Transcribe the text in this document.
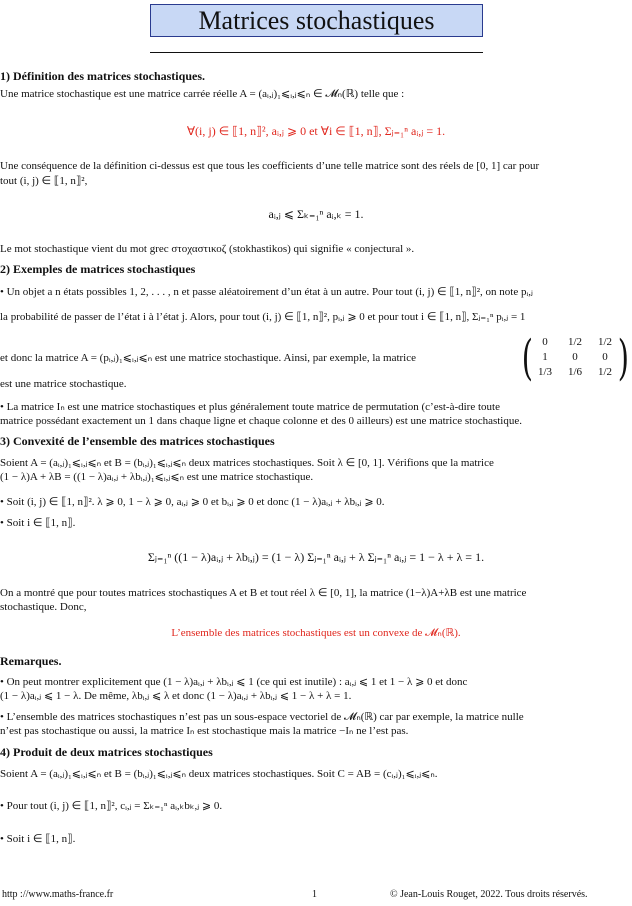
Matrices stochastiques
1) Définition des matrices stochastiques.
Une matrice stochastique est une matrice carrée réelle A = (aᵢ,ⱼ)₁⩽ᵢ,ⱼ⩽ₙ ∈ 𝓜ₙ(ℝ) telle que :
∀(i, j) ∈ ⟦1, n⟧², aᵢ,ⱼ ⩾ 0 et ∀i ∈ ⟦1, n⟧, Σⱼ₌₁ⁿ aᵢ,ⱼ = 1.
Une conséquence de la définition ci-dessus est que tous les coefficients d’une telle matrice sont des réels de [0, 1] car pour
tout (i, j) ∈ ⟦1, n⟧²,
aᵢ,ⱼ ⩽ Σₖ₌₁ⁿ aᵢ,ₖ = 1.
Le mot stochastique vient du mot grec στοχαστικοζ (stokhastikos) qui signifie « conjectural ».
2) Exemples de matrices stochastiques
• Un objet a n états possibles 1, 2, . . . , n et passe aléatoirement d’un état à un autre. Pour tout (i, j) ∈ ⟦1, n⟧², on note pᵢ,ⱼ
la probabilité de passer de l’état i à l’état j. Alors, pour tout (i, j) ∈ ⟦1, n⟧², pᵢ,ⱼ ⩾ 0 et pour tout i ∈ ⟦1, n⟧, Σⱼ₌₁ⁿ pᵢ,ⱼ = 1
et donc la matrice A = (pᵢ,ⱼ)₁⩽ᵢ,ⱼ⩽ₙ est une matrice stochastique. Ainsi, par exemple, la matrice
est une matrice stochastique.	( )
0	1/2	1/2
1	0	0
1/3	1/6	1/2
• La matrice Iₙ est une matrice stochastiques et plus généralement toute matrice de permutation (c’est-à-dire toute
matrice possédant exactement un 1 dans chaque ligne et chaque colonne et des 0 ailleurs) est une matrice stochastique.
3) Convexité de l’ensemble des matrices stochastiques
Soient A = (aᵢ,ⱼ)₁⩽ᵢ,ⱼ⩽ₙ et B = (bᵢ,ⱼ)₁⩽ᵢ,ⱼ⩽ₙ deux matrices stochastiques. Soit λ ∈ [0, 1]. Vérifions que la matrice
(1 − λ)A + λB = ((1 − λ)aᵢ,ⱼ + λbᵢ,ⱼ)₁⩽ᵢ,ⱼ⩽ₙ est une matrice stochastique.
• Soit (i, j) ∈ ⟦1, n⟧². λ ⩾ 0, 1 − λ ⩾ 0, aᵢ,ⱼ ⩾ 0 et bᵢ,ⱼ ⩾ 0 et donc (1 − λ)aᵢ,ⱼ + λbᵢ,ⱼ ⩾ 0.
• Soit i ∈ ⟦1, n⟧.
Σⱼ₌₁ⁿ ((1 − λ)aᵢ,ⱼ + λbᵢ,ⱼ) = (1 − λ) Σⱼ₌₁ⁿ aᵢ,ⱼ + λ Σⱼ₌₁ⁿ aᵢ,ⱼ = 1 − λ + λ = 1.
On a montré que pour toutes matrices stochastiques A et B et tout réel λ ∈ [0, 1], la matrice (1−λ)A+λB est une matrice
stochastique. Donc,
L’ensemble des matrices stochastiques est un convexe de 𝓜ₙ(ℝ).
Remarques.
• On peut montrer explicitement que (1 − λ)aᵢ,ⱼ + λbᵢ,ⱼ ⩽ 1 (ce qui est inutile) : aᵢ,ⱼ ⩽ 1 et 1 − λ ⩾ 0 et donc
(1 − λ)aᵢ,ⱼ ⩽ 1 − λ. De même, λbᵢ,ⱼ ⩽ λ et donc (1 − λ)aᵢ,ⱼ + λbᵢ,ⱼ ⩽ 1 − λ + λ = 1.
• L’ensemble des matrices stochastiques n’est pas un sous-espace vectoriel de 𝓜ₙ(ℝ) car par exemple, la matrice nulle
n’est pas stochastique ou aussi, la matrice Iₙ est stochastique mais la matrice −Iₙ ne l’est pas.
4) Produit de deux matrices stochastiques
Soient A = (aᵢ,ⱼ)₁⩽ᵢ,ⱼ⩽ₙ et B = (bᵢ,ⱼ)₁⩽ᵢ,ⱼ⩽ₙ deux matrices stochastiques. Soit C = AB = (cᵢ,ⱼ)₁⩽ᵢ,ⱼ⩽ₙ.
• Pour tout (i, j) ∈ ⟦1, n⟧², cᵢ,ⱼ = Σₖ₌₁ⁿ aᵢ,ₖbₖ,ⱼ ⩾ 0.
• Soit i ∈ ⟦1, n⟧.
http ://www.maths-france.fr	1	© Jean-Louis Rouget, 2022. Tous droits réservés.
